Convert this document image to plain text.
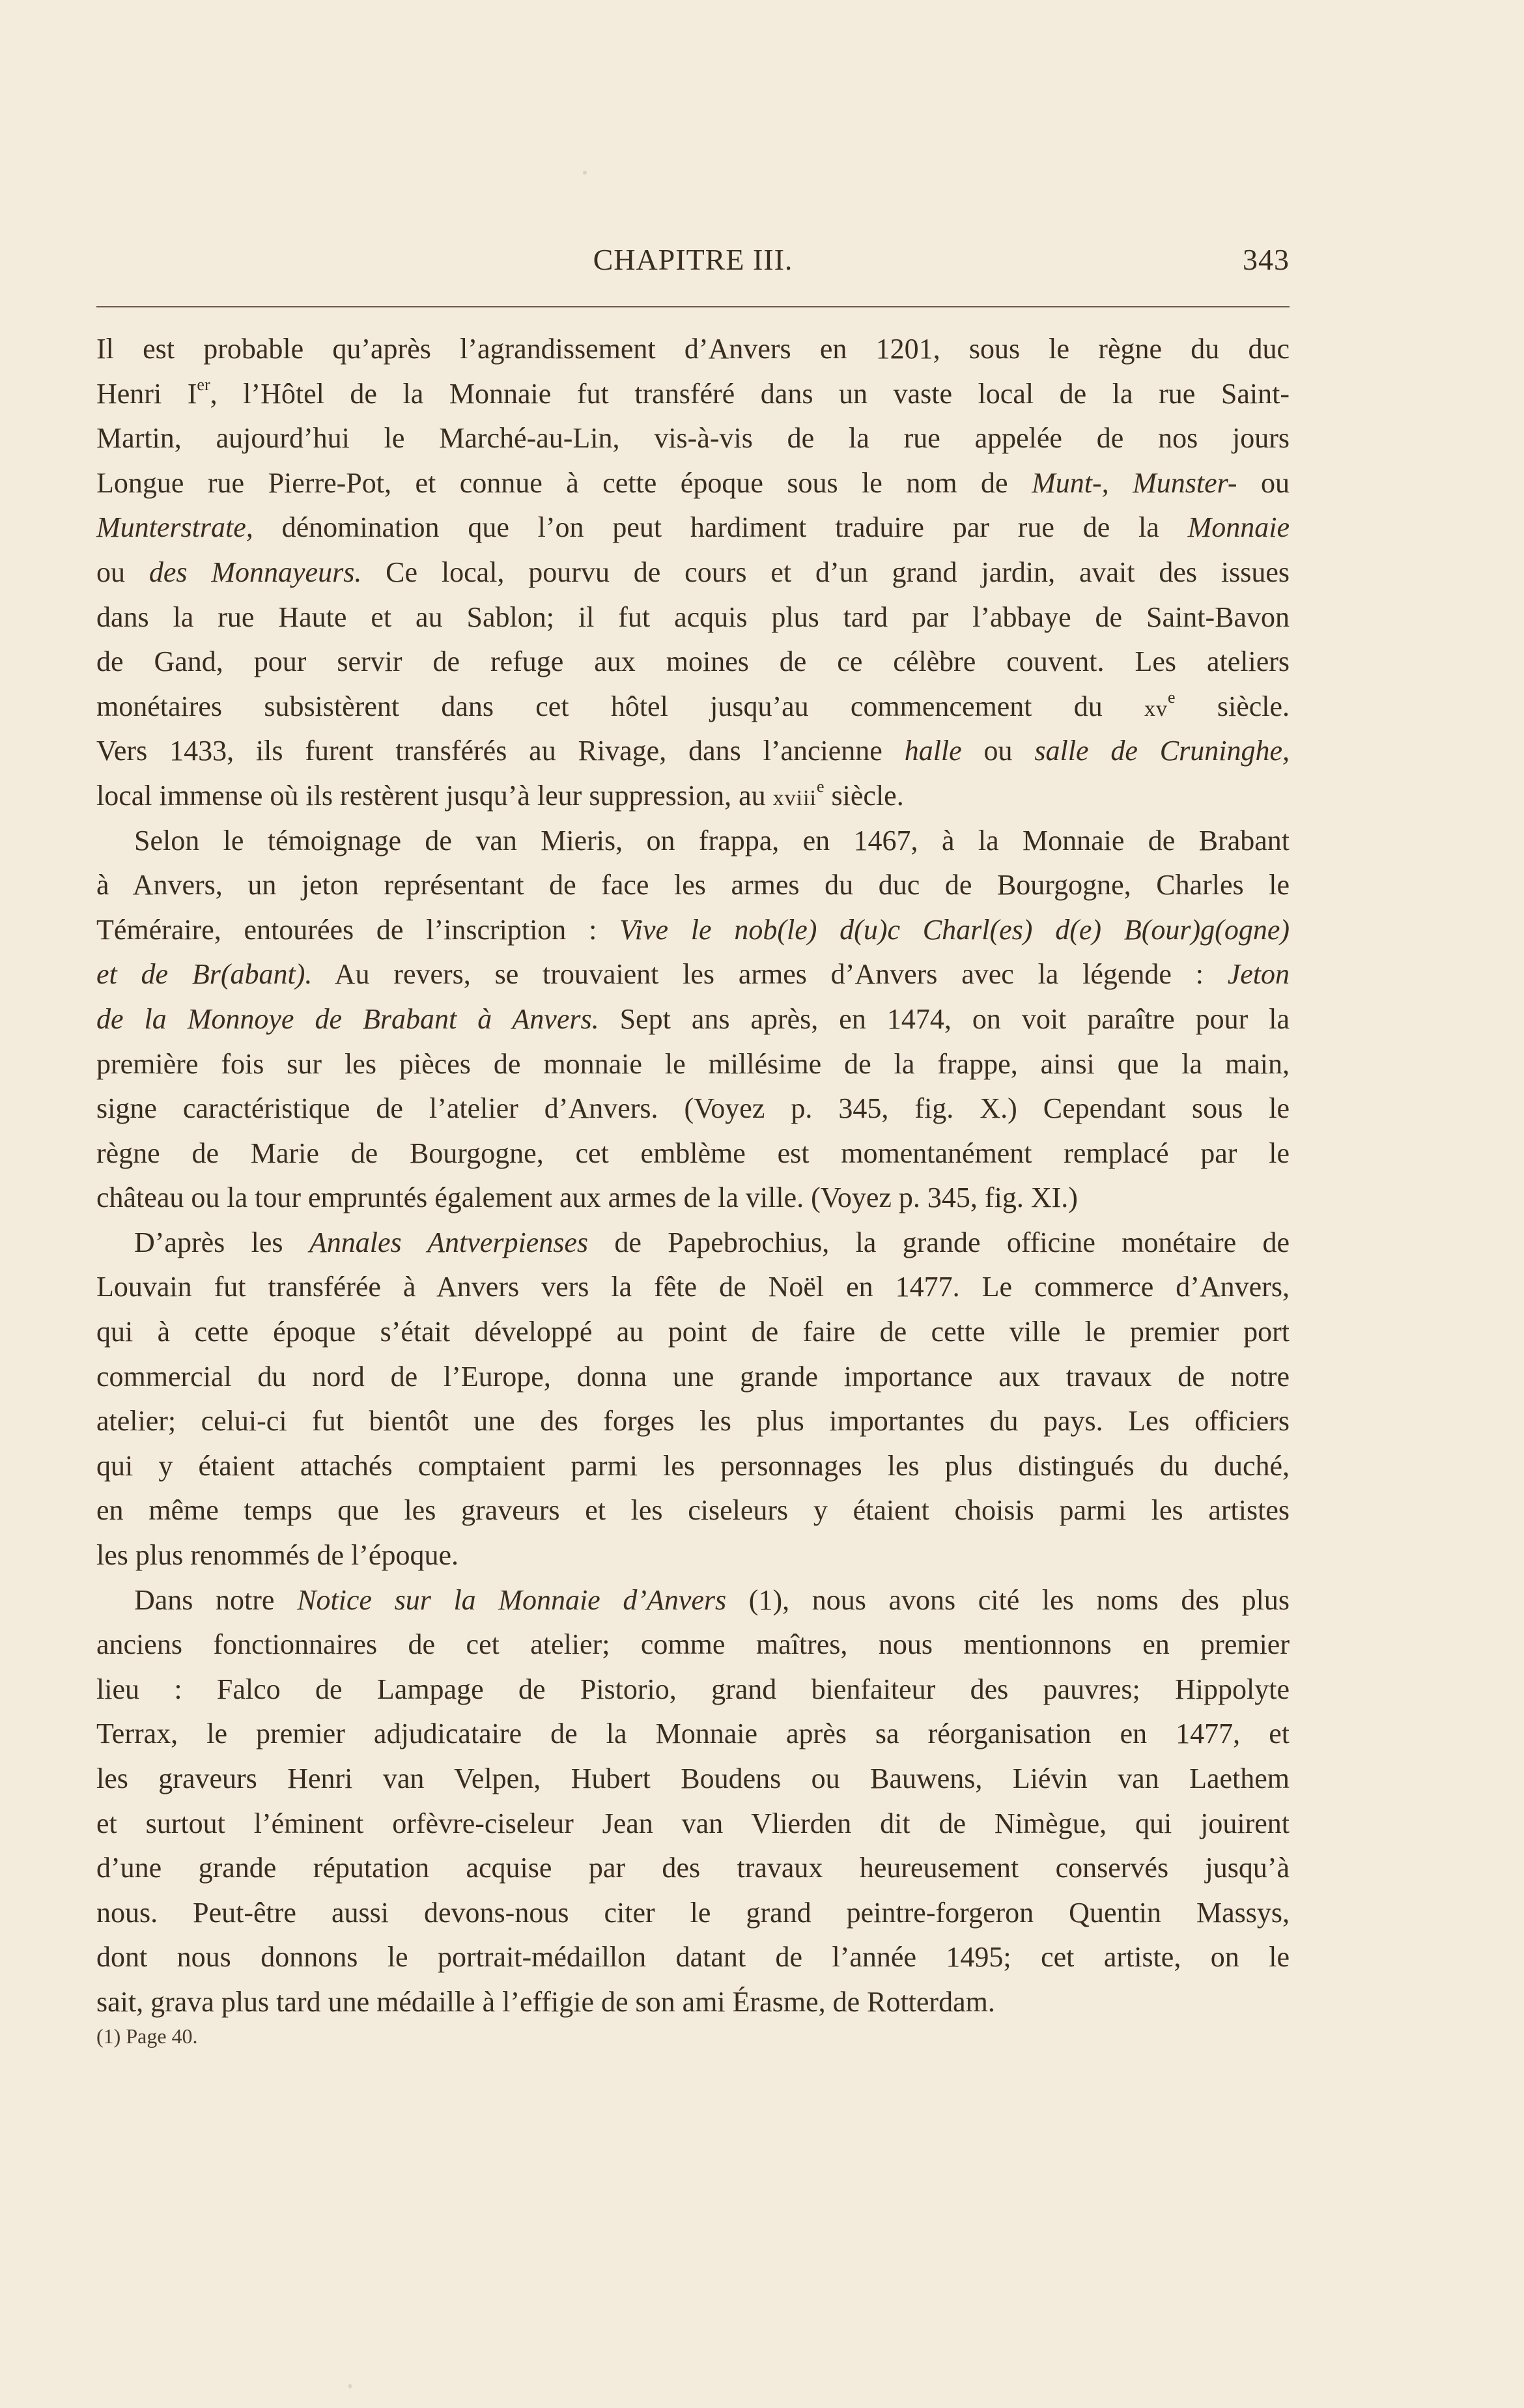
CHAPITRE III.	343
Il est probable qu’après l’agrandissement d’Anvers en 1201, sous le règne du duc
Henri Ier, l’Hôtel de la Monnaie fut transféré dans un vaste local de la rue Saint-
Martin, aujourd’hui le Marché-au-Lin, vis-à-vis de la rue appelée de nos jours
Longue rue Pierre-Pot, et connue à cette époque sous le nom de Munt-, Munster- ou
Munterstrate, dénomination que l’on peut hardiment traduire par rue de la Monnaie
ou des Monnayeurs. Ce local, pourvu de cours et d’un grand jardin, avait des issues
dans la rue Haute et au Sablon; il fut acquis plus tard par l’abbaye de Saint-Bavon
de Gand, pour servir de refuge aux moines de ce célèbre couvent. Les ateliers
monétaires subsistèrent dans cet hôtel jusqu’au commencement du $xv^e$ siècle.
Vers 1433, ils furent transférés au Rivage, dans l’ancienne halle ou salle de Cruninghe,
local immense où ils restèrent jusqu’à leur suppression, au xviii$^e$ siècle.
Selon le témoignage de van Mieris, on frappa, en 1467, à la Monnaie de Brabant
à Anvers, un jeton représentant de face les armes du duc de Bourgogne, Charles le
Téméraire, entourées de l’inscription : Vive le nob(le) d(u)c Charl(es) d(e) B(our)g(ogne)
et de Br(abant). Au revers, se trouvaient les armes d’Anvers avec la légende : Jeton
de la Monnoye de Brabant à Anvers. Sept ans après, en 1474, on voit paraître pour la
première fois sur les pièces de monnaie le millésime de la frappe, ainsi que la main,
signe caractéristique de l’atelier d’Anvers. (Voyez p. 345, fig. X.) Cependant sous le
règne de Marie de Bourgogne, cet emblème est momentanément remplacé par le
château ou la tour empruntés également aux armes de la ville. (Voyez p. 345, fig. XI.)
D’après les Annales Antverpienses de Papebrochius, la grande officine monétaire de
Louvain fut transférée à Anvers vers la fête de Noël en 1477. Le commerce d’Anvers,
qui à cette époque s’était développé au point de faire de cette ville le premier port
commercial du nord de l’Europe, donna une grande importance aux travaux de notre
atelier; celui-ci fut bientôt une des forges les plus importantes du pays. Les officiers
qui y étaient attachés comptaient parmi les personnages les plus distingués du duché,
en même temps que les graveurs et les ciseleurs y étaient choisis parmi les artistes
les plus renommés de l’époque.
Dans notre Notice sur la Monnaie d’Anvers (1), nous avons cité les noms des plus
anciens fonctionnaires de cet atelier; comme maîtres, nous mentionnons en premier
lieu : Falco de Lampage de Pistorio, grand bienfaiteur des pauvres; Hippolyte
Terrax, le premier adjudicataire de la Monnaie après sa réorganisation en 1477, et
les graveurs Henri van Velpen, Hubert Boudens ou Bauwens, Liévin van Laethem
et surtout l’éminent orfèvre-ciseleur Jean van Vlierden dit de Nimègue, qui jouirent
d’une grande réputation acquise par des travaux heureusement conservés jusqu’à
nous. Peut-être aussi devons-nous citer le grand peintre-forgeron Quentin Massys,
dont nous donnons le portrait-médaillon datant de l’année 1495; cet artiste, on le
sait, grava plus tard une médaille à l’effigie de son ami Érasme, de Rotterdam.
(1) Page 40.
